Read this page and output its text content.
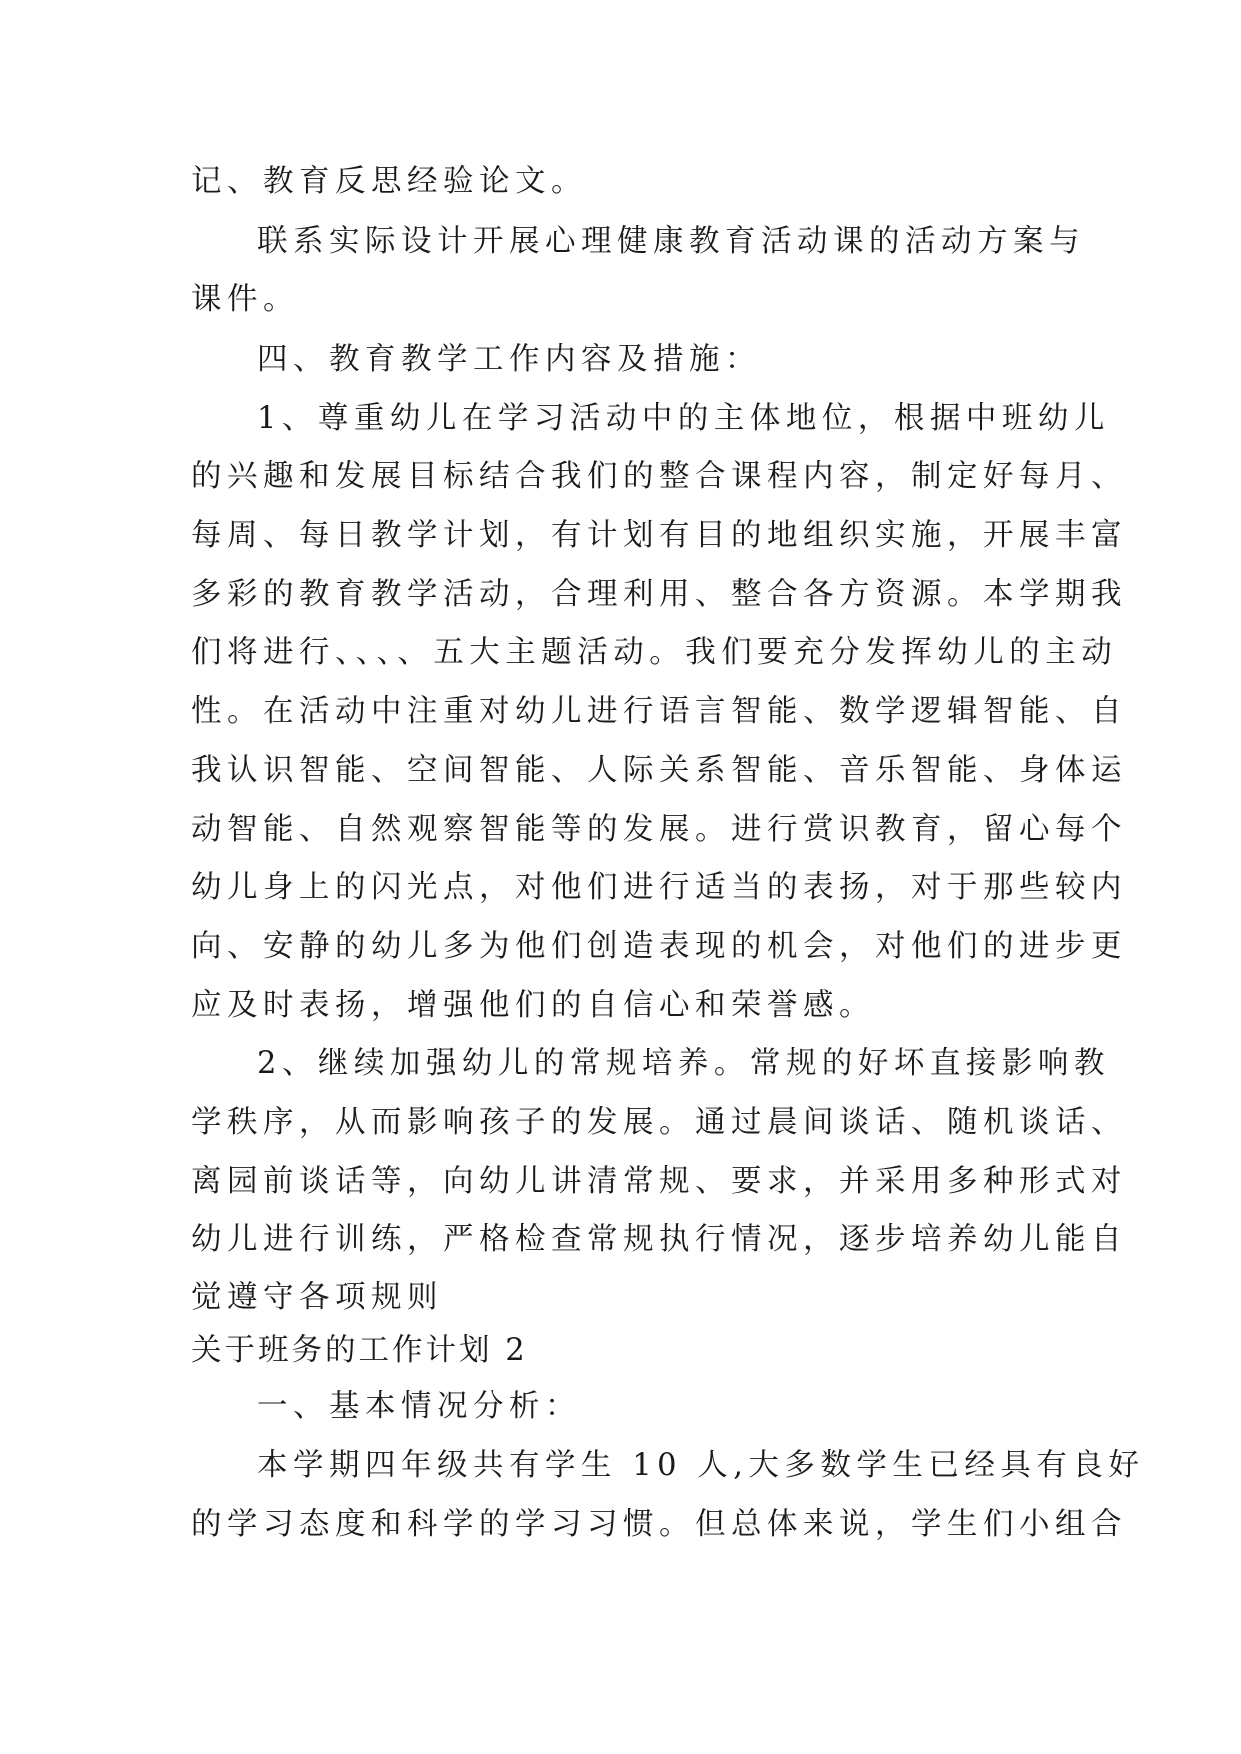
记、教育反思经验论文。
联系实际设计开展心理健康教育活动课的活动方案与
课件。
四、教育教学工作内容及措施：
1、尊重幼儿在学习活动中的主体地位，根据中班幼儿
的兴趣和发展目标结合我们的整合课程内容，制定好每月、
每周、每日教学计划，有计划有目的地组织实施，开展丰富
多彩的教育教学活动，合理利用、整合各方资源。本学期我
们将进行、、、、五大主题活动。我们要充分发挥幼儿的主动
性。在活动中注重对幼儿进行语言智能、数学逻辑智能、自
我认识智能、空间智能、人际关系智能、音乐智能、身体运
动智能、自然观察智能等的发展。进行赏识教育，留心每个
幼儿身上的闪光点，对他们进行适当的表扬，对于那些较内
向、安静的幼儿多为他们创造表现的机会，对他们的进步更
应及时表扬，增强他们的自信心和荣誉感。
2、继续加强幼儿的常规培养。常规的好坏直接影响教
学秩序，从而影响孩子的发展。通过晨间谈话、随机谈话、
离园前谈话等，向幼儿讲清常规、要求，并采用多种形式对
幼儿进行训练，严格检查常规执行情况，逐步培养幼儿能自
觉遵守各项规则
关于班务的工作计划 2
一、基本情况分析：
本学期四年级共有学生 10 人,大多数学生已经具有良好
的学习态度和科学的学习习惯。但总体来说，学生们小组合
